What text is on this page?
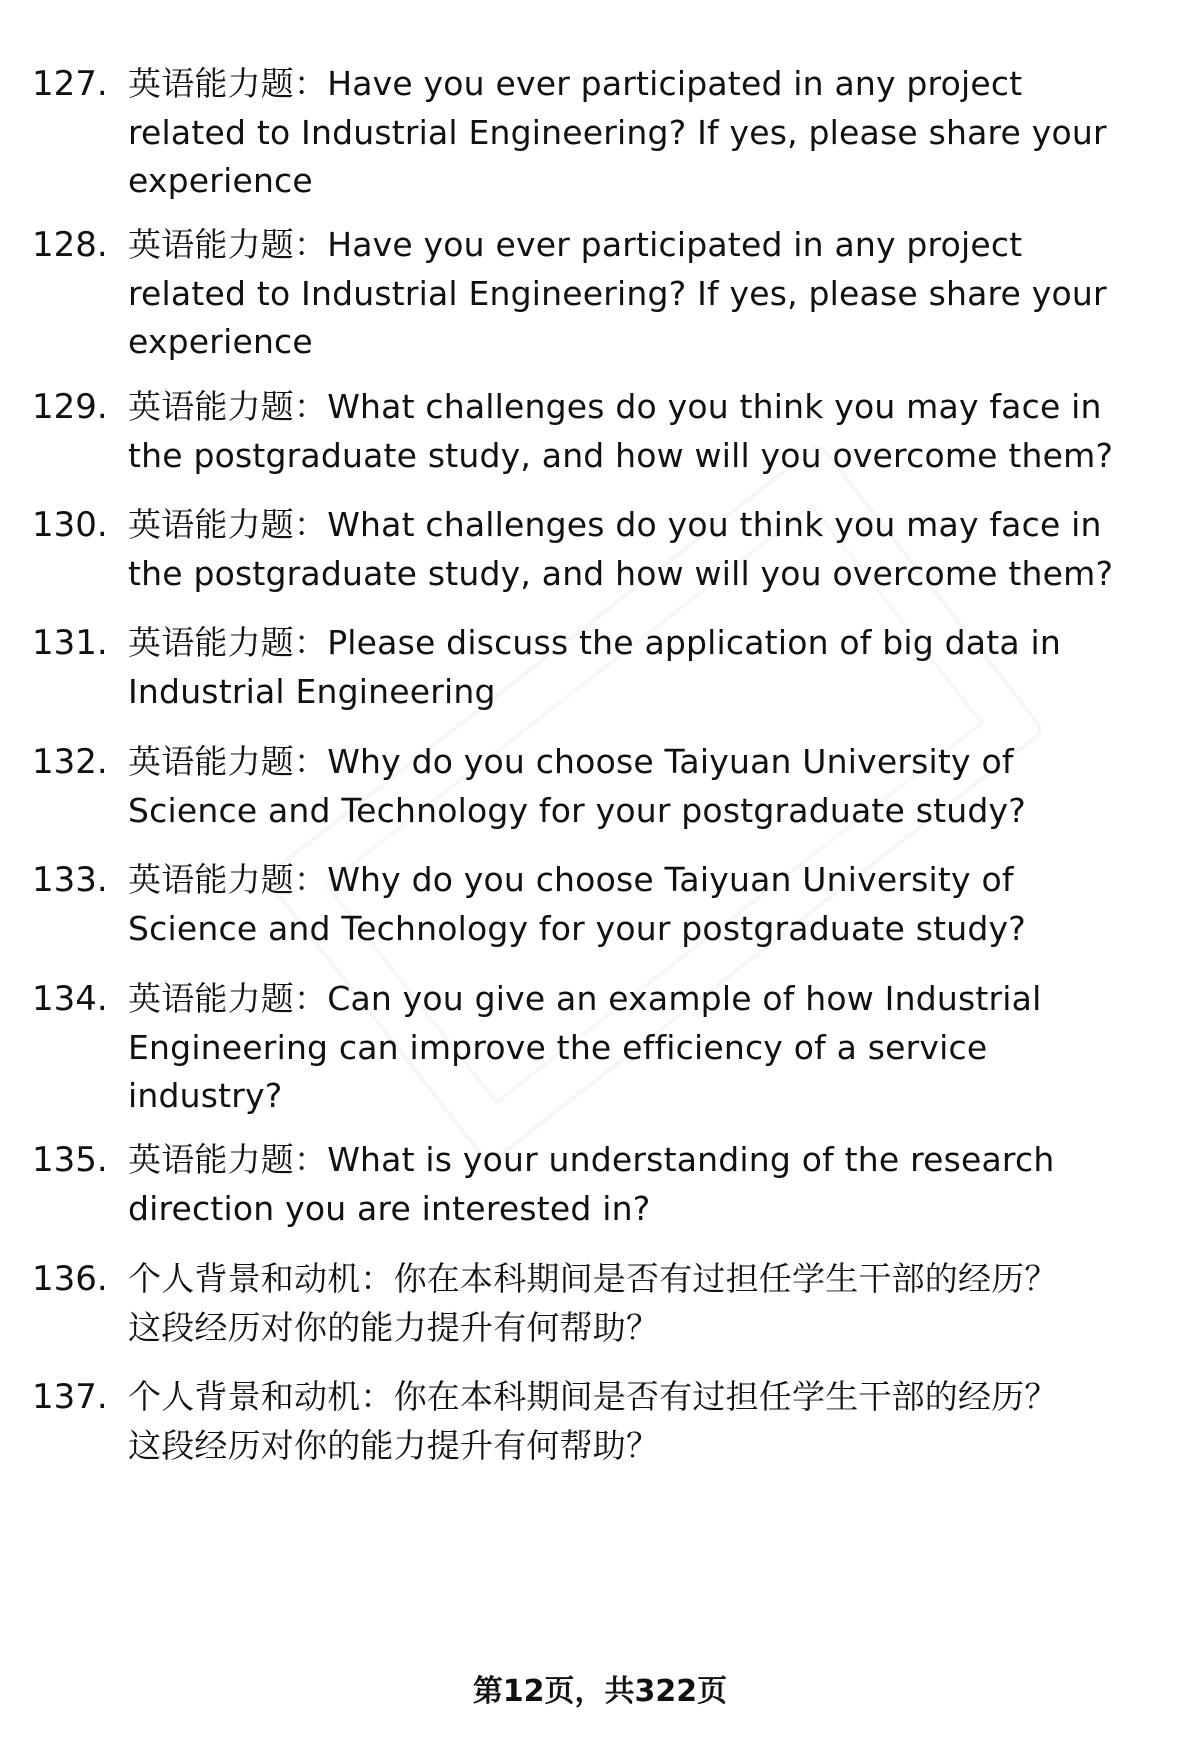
127. 英语能力题：Have you ever participated in any project
related to Industrial Engineering? If yes, please share your
experience
128. 英语能力题：Have you ever participated in any project
related to Industrial Engineering? If yes, please share your
experience
129. 英语能力题：What challenges do you think you may face in
the postgraduate study, and how will you overcome them?
130. 英语能力题：What challenges do you think you may face in
the postgraduate study, and how will you overcome them?
131. 英语能力题：Please discuss the application of big data in
Industrial Engineering
132. 英语能力题：Why do you choose Taiyuan University of
Science and Technology for your postgraduate study?
133. 英语能力题：Why do you choose Taiyuan University of
Science and Technology for your postgraduate study?
134. 英语能力题：Can you give an example of how Industrial
Engineering can improve the efficiency of a service
industry?
135. 英语能力题：What is your understanding of the research
direction you are interested in?
136. 个人背景和动机：你在本科期间是否有过担任学生干部的经历？
这段经历对你的能力提升有何帮助？
137. 个人背景和动机：你在本科期间是否有过担任学生干部的经历？
这段经历对你的能力提升有何帮助？
第12页，共322页
